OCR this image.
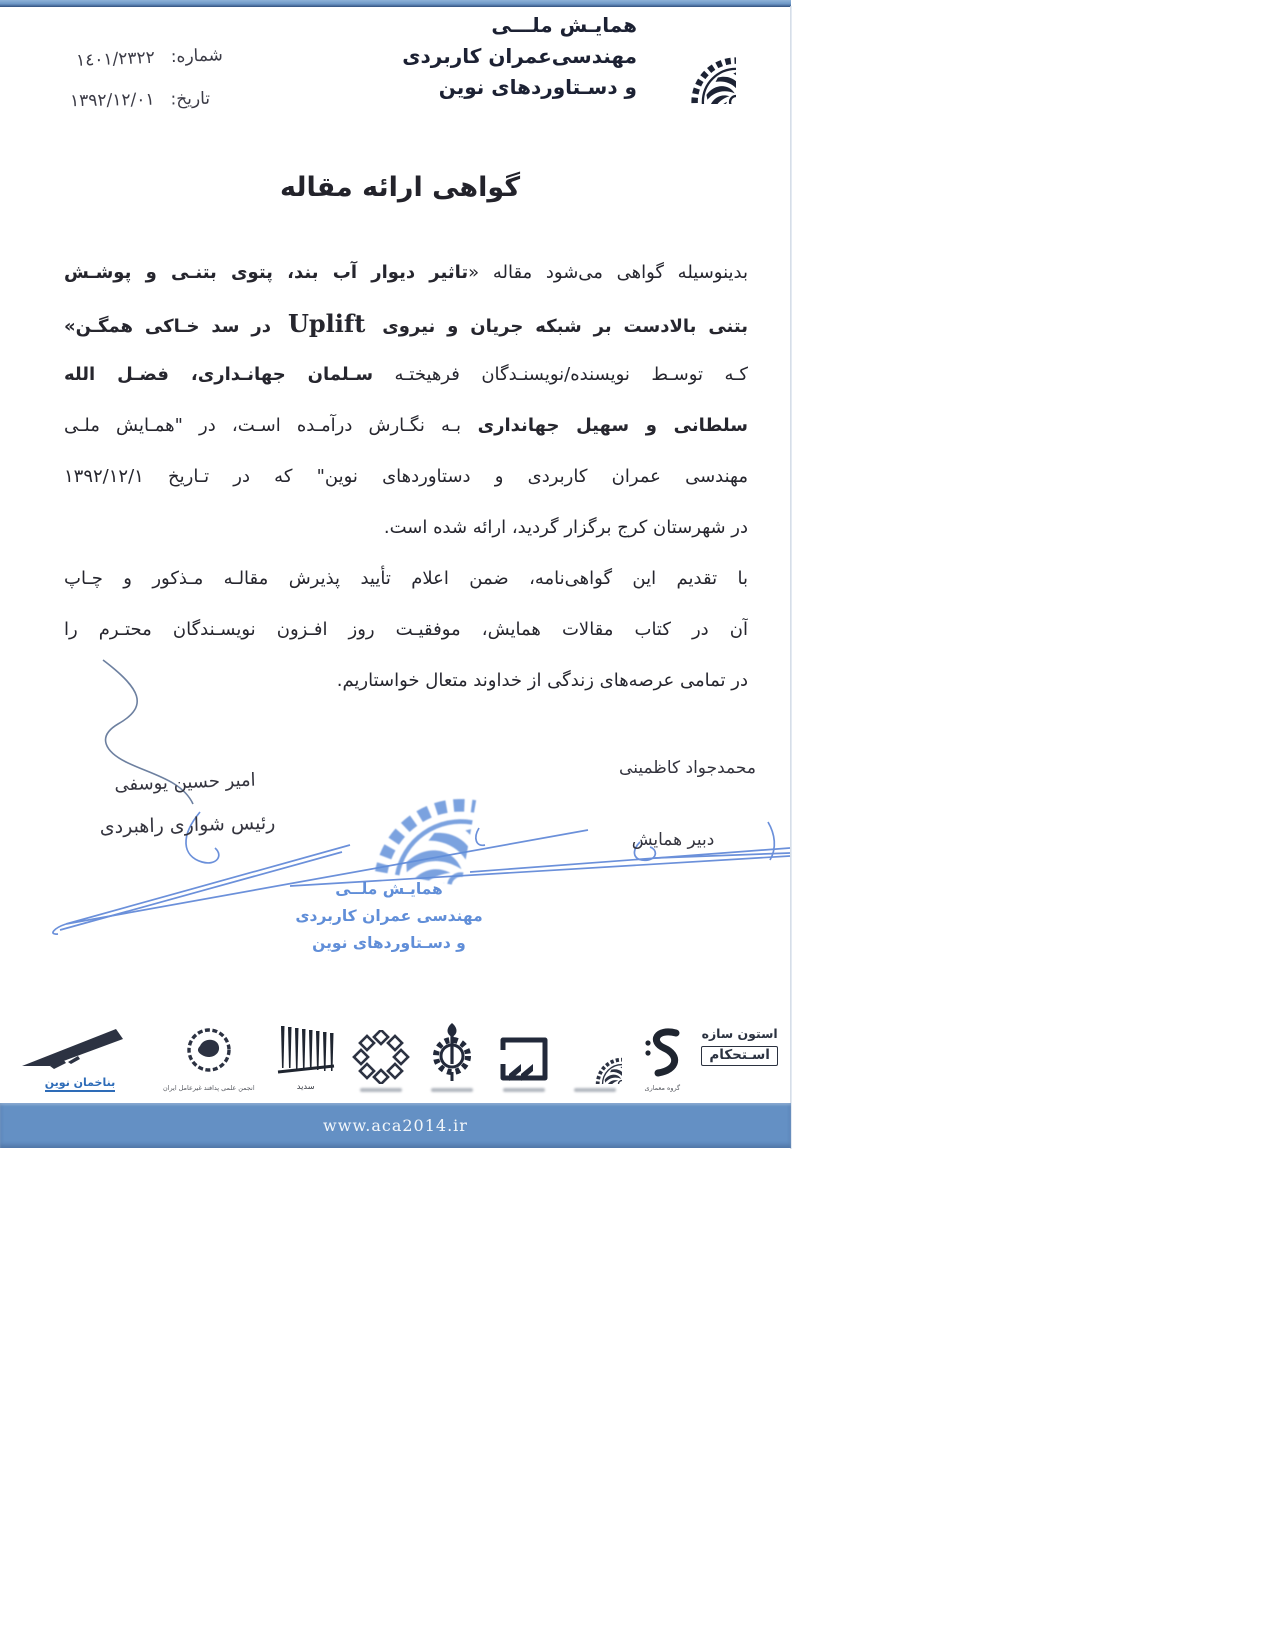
شماره:
۱٤۰۱/۲۳۲۲
تاریخ:
۱۳۹۲/۱۲/۰۱
همایـش ملـــی
مهندسی‌عمران کاربردی
و دسـتاوردهای نوین
گواهی ارائه مقاله
بدینوسیله گواهی می‌شود مقاله «تاثیر دیوار آب بند، پتوی بتنـی و پوشـش
بتنی بالادست بر شبکه جریان و نیروی Uplift در سد خـاکی همگـن»
کـه توسـط نویسنده/نویسنـدگان فرهیختـه سـلمان جهانـداری، فضـل الله
سلطانی و سهیل جهانداری بـه نگـارش درآمـده اسـت، در "همـایش ملـی
مهندسی عمران کاربردی و دستاوردهای نوین" که در تـاریخ ۱۳۹۲/۱۲/۱
در شهرستان کرج برگزار گردید، ارائه شده است.
با تقدیم این گواهی‌نامه، ضمن اعلام تأیید پذیرش مقالـه مـذکور و چـاپ
آن در کتاب مقالات همایش، موفقیـت روز افـزون نویسـندگان محتـرم را
در تمامی عرصه‌های زندگی از خداوند متعال خواستاریم.
همایـش ملــی
مهندسی عمران کاربردی
و دسـتاوردهای نوین
امیر حسین یوسفی
رئیس شواری راهبردی
محمدجواد کاظمینی
دبیر همایش
بناخمان نوین	انجمن علمی پدافند غیرعامل ایران	سدید	گروه معماری
استون سازه
اسـتحکام
www.aca2014.ir
